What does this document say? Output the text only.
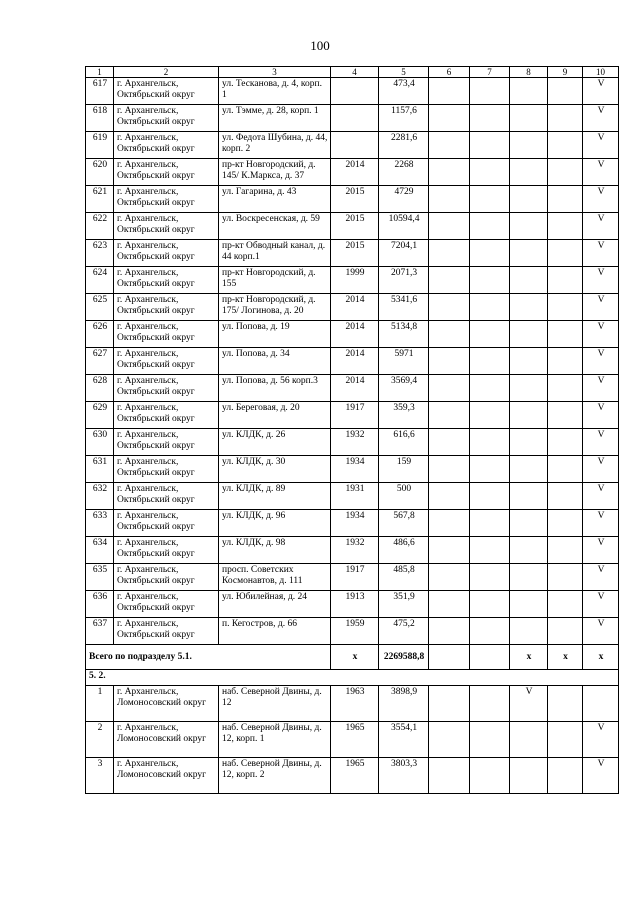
100
1	2	3	4	5	6	7	8	9	10
617	г. Архангельск, Октябрьский округ	ул. Тесканова, д. 4, корп. 1		473,4					V
618	г. Архангельск, Октябрьский округ	ул. Тэмме, д. 28, корп. 1		1157,6					V
619	г. Архангельск, Октябрьский округ	ул. Федота Шубина, д. 44, корп. 2		2281,6					V
620	г. Архангельск, Октябрьский округ	пр-кт Новгородский, д. 145/ К.Маркса, д. 37	2014	2268					V
621	г. Архангельск, Октябрьский округ	ул. Гагарина, д. 43	2015	4729					V
622	г. Архангельск, Октябрьский округ	ул. Воскресенская, д. 59	2015	10594,4					V
623	г. Архангельск, Октябрьский округ	пр-кт Обводный канал, д. 44 корп.1	2015	7204,1					V
624	г. Архангельск, Октябрьский округ	пр-кт Новгородский, д. 155	1999	2071,3					V
625	г. Архангельск, Октябрьский округ	пр-кт Новгородский, д. 175/ Логинова, д. 20	2014	5341,6					V
626	г. Архангельск, Октябрьский округ	ул. Попова, д. 19	2014	5134,8					V
627	г. Архангельск, Октябрьский округ	ул. Попова, д. 34	2014	5971					V
628	г. Архангельск, Октябрьский округ	ул. Попова, д. 56 корп.3	2014	3569,4					V
629	г. Архангельск, Октябрьский округ	ул. Береговая, д. 20	1917	359,3					V
630	г. Архангельск, Октябрьский округ	ул. КЛДК, д. 26	1932	616,6					V
631	г. Архангельск, Октябрьский округ	ул. КЛДК, д. 30	1934	159					V
632	г. Архангельск, Октябрьский округ	ул. КЛДК, д. 89	1931	500					V
633	г. Архангельск, Октябрьский округ	ул. КЛДК, д. 96	1934	567,8					V
634	г. Архангельск, Октябрьский округ	ул. КЛДК, д. 98	1932	486,6					V
635	г. Архангельск, Октябрьский округ	просп. Советских Космонавтов, д. 111	1917	485,8					V
636	г. Архангельск, Октябрьский округ	ул. Юбилейная, д. 24	1913	351,9					V
637	г. Архангельск, Октябрьский округ	п. Кегостров, д. 66	1959	475,2					V
Всего по подразделу 5.1.			х	2269588,8			х	х	х
5. 2.									
1	г. Архангельск, Ломоносовский округ	наб. Северной Двины, д. 12	1963	3898,9			V		
2	г. Архангельск, Ломоносовский округ	наб. Северной Двины, д. 12, корп. 1	1965	3554,1					V
3	г. Архангельск, Ломоносовский округ	наб. Северной Двины, д. 12, корп. 2	1965	3803,3					V
